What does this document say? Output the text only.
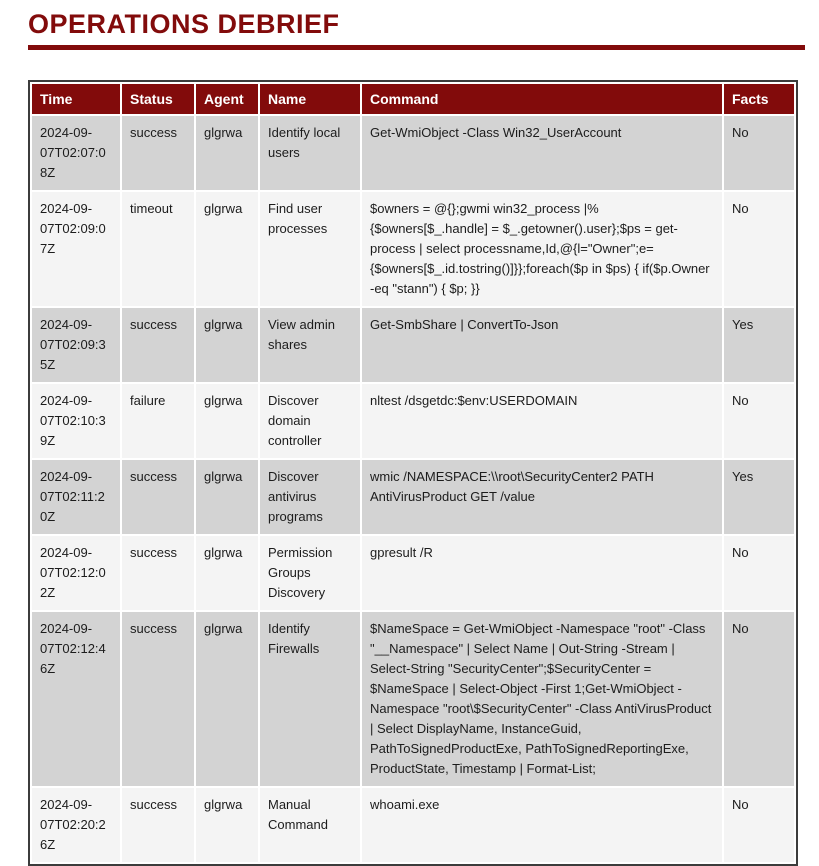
OPERATIONS DEBRIEF
Time	Status	Agent	Name	Command	Facts
2024-09-07T02:07:08Z	success	glgrwa	Identify local users	Get-WmiObject -Class Win32_UserAccount	No
2024-09-07T02:09:07Z	timeout	glgrwa	Find user processes	$owners = @{};gwmi win32_process |% {$owners[$_.handle] = $_.getowner().user};$ps = get-process | select processname,Id,@{l="Owner";e={$owners[$_.id.tostring()]}};foreach($p in $ps) { if($p.Owner -eq "stann") { $p; }}	No
2024-09-07T02:09:35Z	success	glgrwa	View admin shares	Get-SmbShare | ConvertTo-Json	Yes
2024-09-07T02:10:39Z	failure	glgrwa	Discover domain controller	nltest /dsgetdc:$env:USERDOMAIN	No
2024-09-07T02:11:20Z	success	glgrwa	Discover antivirus programs	wmic /NAMESPACE:\\root\SecurityCenter2 PATH AntiVirusProduct GET /value	Yes
2024-09-07T02:12:02Z	success	glgrwa	Permission Groups Discovery	gpresult /R	No
2024-09-07T02:12:46Z	success	glgrwa	Identify Firewalls	$NameSpace = Get-WmiObject -Namespace "root" -Class "__Namespace" | Select Name | Out-String -Stream | Select-String "SecurityCenter";$SecurityCenter = $NameSpace | Select-Object -First 1;Get-WmiObject -Namespace "root\$SecurityCenter" -Class AntiVirusProduct | Select DisplayName, InstanceGuid, PathToSignedProductExe, PathToSignedReportingExe, ProductState, Timestamp | Format-List;	No
2024-09-07T02:20:26Z	success	glgrwa	Manual Command	whoami.exe	No
